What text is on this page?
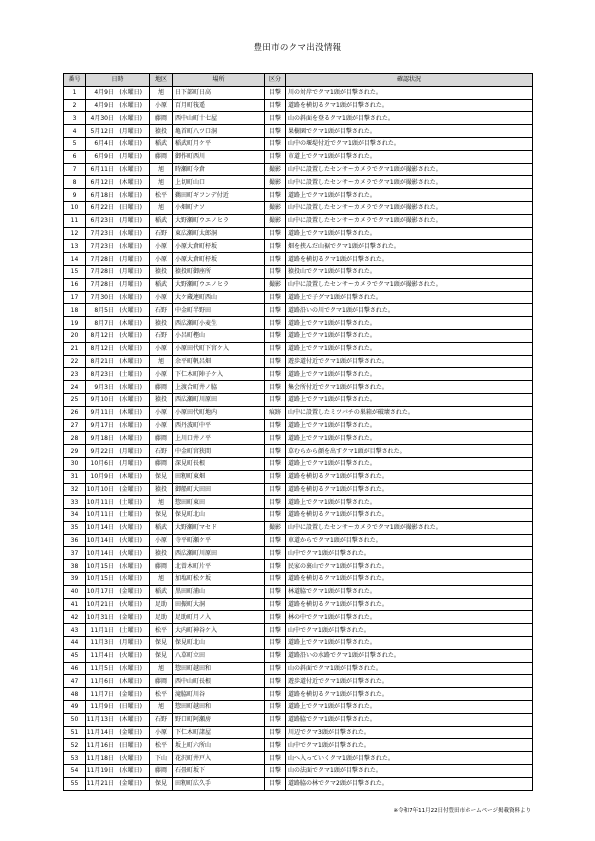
豊田市のクマ出没情報
番号	日時	地区	場所	区分	確認状況
1	4月9日 (水曜日)	旭	日下部町日高	目撃	川の対岸でクマ1頭が目撃された。
2	4月9日 (水曜日)	小原	百月町筏遥	目撃	道路を横切るクマ1頭が目撃された。
3	4月30日 (水曜日)	藤岡	西中山町十七屋	目撃	山の斜面を登るクマ1頭が目撃された。
4	5月12日 (月曜日)	猿投	亀首町八ツ口洞	目撃	果樹園でクマ1頭が目撃された。
5	6月4日 (水曜日)	稲武	稲武町月ケ平	目撃	山中の堰堤付近でクマ1頭が目撃された。
6	6月9日 (月曜日)	藤岡	御作町西川	目撃	市道上でクマ1頭が目撃された。
7	6月11日 (水曜日)	旭	時瀬町今倉	撮影	山中に設置したセンサーカメラでクマ1頭が撮影された。
8	6月12日 (木曜日)	旭	上切町山口	撮影	山中に設置したセンサーカメラでクマ1頭が撮影された。
9	6月18日 (水曜日)	松平	鵜田町ギフンデ付近	目撃	道路上でクマ1頭が目撃された。
10	6月22日 (日曜日)	旭	小畑町ナソ	撮影	山中に設置したセンサーカメラでクマ1頭が撮影された。
11	6月23日 (月曜日)	稲武	大野瀬町ウエノヒラ	撮影	山中に設置したセンサーカメラでクマ1頭が撮影された。
12	7月23日 (水曜日)	石野	東広瀬町太郎洞	目撃	道路上でクマ1頭が目撃された。
13	7月23日 (水曜日)	小原	小原大倉町杼坂	目撃	畑を挟んだ山裾でクマ1頭が目撃された。
14	7月28日 (月曜日)	小原	小原大倉町杼坂	目撃	道路を横切るクマ1頭が目撃された。
15	7月28日 (月曜日)	猿投	猿投町御座所	目撃	猿投山でクマ1頭が目撃された。
16	7月28日 (月曜日)	稲武	大野瀬町ウエノヒラ	撮影	山中に設置したセンサーカメラでクマ1頭が撮影された。
17	7月30日 (水曜日)	小原	大ケ蔵連町西山	目撃	道路上で子グマ1頭が目撃された。
18	8月5日 (火曜日)	石野	中金町半野田	目撃	道路沿いの川でクマ1頭が目撃された。
19	8月7日 (木曜日)	猿投	西広瀬町小麦生	目撃	道路上でクマ1頭が目撃された。
20	8月12日 (火曜日)	石野	小呂町樫山	目撃	道路上でクマ1頭が目撃された。
21	8月12日 (火曜日)	小原	小原田代町下宮ケ入	目撃	道路上でクマ1頭が目撃された。
22	8月21日 (木曜日)	旭	余平町帆呂畑	目撃	遊歩道付近でクマ1頭が目撃された。
23	8月23日 (土曜日)	小原	下仁木町陣子ケ入	目撃	道路上でクマ1頭が目撃された。
24	9月3日 (水曜日)	藤岡	上渡合町井ノ脇	目撃	集会所付近でクマ1頭が目撃された。
25	9月10日 (水曜日)	猿投	西広瀬町川原田	目撃	道路上でクマ1頭が目撃された。
26	9月11日 (木曜日)	小原	小原田代町地内	痕跡	山中に設置したミツバチの巣箱が破壊された。
27	9月17日 (水曜日)	小原	西丹波町中平	目撃	道路上でクマ1頭が目撃された。
28	9月18日 (木曜日)	藤岡	上川口井ノ平	目撃	道路上でクマ1頭が目撃された。
29	9月22日 (月曜日)	石野	中金町宮狭間	目撃	草むらから顔を出すクマ1頭が目撃された。
30	10月6日 (月曜日)	藤岡	深見町長根	目撃	道路上でクマ1頭が目撃された。
31	10月9日 (木曜日)	保見	田籾町東畑	目撃	道路を横切るクマ1頭が目撃された。
32	10月10日 (金曜日)	猿投	御船町大田田	目撃	道路を横切るクマ1頭が目撃された。
33	10月11日 (土曜日)	旭	惣田町東田	目撃	道路上でクマ1頭が目撃された。
34	10月11日 (土曜日)	保見	保見町北山	目撃	道路を横切るクマ1頭が目撃された。
35	10月14日 (火曜日)	稲武	大野瀬町マセド	撮影	山中に設置したセンサーカメラでクマ1頭が撮影された。
36	10月14日 (火曜日)	小原	寺平町瀬ケ平	目撃	車道からでクマ1頭が目撃された。
37	10月14日 (火曜日)	猿投	西広瀬町川原田	目撃	山中でクマ1頭が目撃された。
38	10月15日 (水曜日)	藤岡	北曽木町片平	目撃	民家の裏山でクマ1頭が目撃された。
39	10月15日 (水曜日)	旭	加塩町松ケ坂	目撃	道路を横切るクマ1頭が目撃された。
40	10月17日 (金曜日)	稲武	黒田町浦山	目撃	林道脇でクマ1頭が目撃された。
41	10月21日 (火曜日)	足助	田振町大洞	目撃	道路を横切るクマ1頭が目撃された。
42	10月31日 (金曜日)	足助	足助町月ノ入	目撃	林の中でクマ1頭が目撃された。
43	11月1日 (土曜日)	松平	大内町神谷ケ入	目撃	山中でクマ1頭が目撃された。
44	11月3日 (月曜日)	保見	保見町北山	目撃	道路上でクマ1頭が目撃された。
45	11月4日 (火曜日)	保見	八草町立田	目撃	道路沿いの水路でクマ1頭が目撃された。
46	11月5日 (水曜日)	旭	惣田町越田和	目撃	山の斜面でクマ1頭が目撃された。
47	11月6日 (木曜日)	藤岡	西中山町長根	目撃	遊歩道付近でクマ1頭が目撃された。
48	11月7日 (金曜日)	松平	滝脇町川谷	目撃	道路を横切るクマ1頭が目撃された。
49	11月9日 (日曜日)	旭	惣田町越田和	目撃	道路上でクマ1頭が目撃された。
50	11月13日 (木曜日)	石野	野口町阿瀬房	目撃	道路脇でクマ1頭が目撃された。
51	11月14日 (金曜日)	小原	下仁木町諸屋	目撃	川辺でクマ3頭が目撃された。
52	11月16日 (日曜日)	松平	坂上町六所山	目撃	山中でクマ1頭が目撃された。
53	11月18日 (火曜日)	下山	花沢町井戸入	目撃	山へ入っていくクマ1頭が目撃された。
54	11月19日 (水曜日)	藤岡	石畳町坂下	目撃	山の法面でクマ1頭が目撃された。
55	11月21日 (金曜日)	保見	田籾町広久手	目撃	道路脇の林でクマ2頭が目撃された。
※令和7年11月22日付豊田市ホームページ掲載資料より
